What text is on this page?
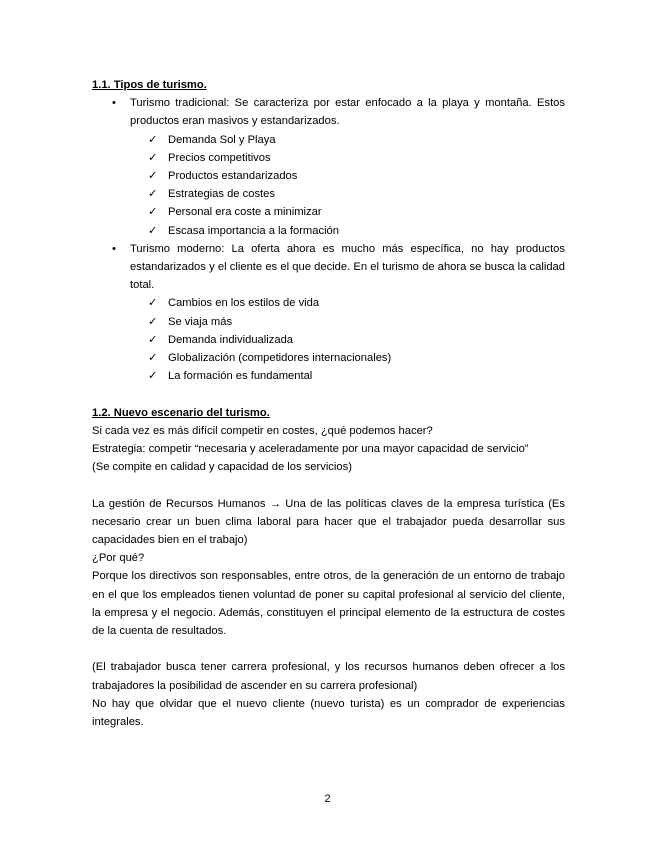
1.1. Tipos de turismo.

• Turismo tradicional: Se caracteriza por estar enfocado a la playa y montaña. Estos productos eran masivos y estandarizados.
✓ Demanda Sol y Playa
✓ Precios competitivos
✓ Productos estandarizados
✓ Estrategias de costes
✓ Personal era coste a minimizar
✓ Escasa importancia a la formación
• Turismo moderno: La oferta ahora es mucho más específica, no hay productos estandarizados y el cliente es el que decide. En el turismo de ahora se busca la calidad total.
✓ Cambios en los estilos de vida
✓ Se viaja más
✓ Demanda individualizada
✓ Globalización (competidores internacionales)
✓ La formación es fundamental

1.2. Nuevo escenario del turismo.

Si cada vez es más difícil competir en costes, ¿qué podemos hacer?

Estrategia: competir “necesaria y aceleradamente por una mayor capacidad de servicio”

(Se compite en calidad y capacidad de los servicios)

La gestión de Recursos Humanos → Una de las políticas claves de la empresa turística (Es necesario crear un buen clima laboral para hacer que el trabajador pueda desarrollar sus capacidades bien en el trabajo)

¿Por qué?

Porque los directivos son responsables, entre otros, de la generación de un entorno de trabajo en el que los empleados tienen voluntad de poner su capital profesional al servicio del cliente, la empresa y el negocio. Además, constituyen el principal elemento de la estructura de costes de la cuenta de resultados.

(El trabajador busca tener carrera profesional, y los recursos humanos deben ofrecer a los trabajadores la posibilidad de ascender en su carrera profesional)

No hay que olvidar que el nuevo cliente (nuevo turista) es un comprador de experiencias integrales.

2
